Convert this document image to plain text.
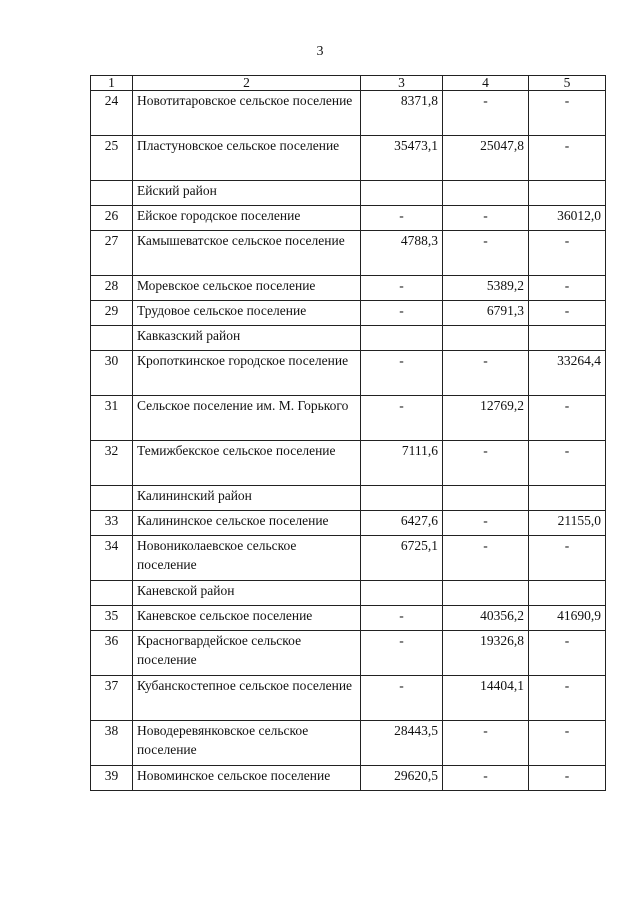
3
1	2	3	4	5
24	Новотитаровское сельское поселение	8371,8	-	-
25	Пластуновское сельское поселение	35473,1	25047,8	-
	Ейский район			
26	Ейское городское поселение	-	-	36012,0
27	Камышеватское сельское поселение	4788,3	-	-
28	Моревское сельское поселение	-	5389,2	-
29	Трудовое сельское поселение	-	6791,3	-
	Кавказский район			
30	Кропоткинское городское поселение	-	-	33264,4
31	Сельское поселение им. М. Горького	-	12769,2	-
32	Темижбекское сельское поселение	7111,6	-	-
	Калининский район			
33	Калининское сельское поселение	6427,6	-	21155,0
34	Новониколаевское сельское поселение	6725,1	-	-
	Каневской район			
35	Каневское сельское поселение	-	40356,2	41690,9
36	Красногвардейское сельское поселение	-	19326,8	-
37	Кубанскостепное сельское поселение	-	14404,1	-
38	Новодеревянковское сельское поселение	28443,5	-	-
39	Новоминское сельское поселение	29620,5	-	-
